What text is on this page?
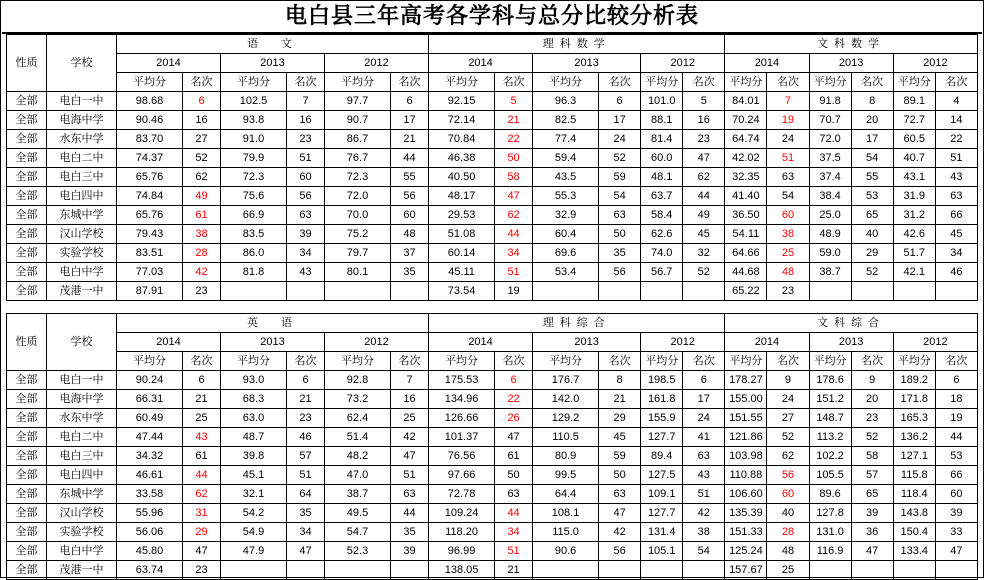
电白县三年高考各学科与总分比较分析表
性质	学校	语　文						理科数学						文科数学					
		2014		2013		2012		2014		2013		2012		2014		2013		2012	
		平均分	名次	平均分	名次	平均分	名次	平均分	名次	平均分	名次	平均分	名次	平均分	名次	平均分	名次	平均分	名次
全部	电白一中	98.68	6	102.5	7	97.7	6	92.15	5	96.3	6	101.0	5	84.01	7	91.8	8	89.1	4
全部	电海中学	90.46	16	93.8	16	90.7	17	72.14	21	82.5	17	88.1	16	70.24	19	70.7	20	72.7	14
全部	水东中学	83.70	27	91.0	23	86.7	21	70.84	22	77.4	24	81.4	23	64.74	24	72.0	17	60.5	22
全部	电白二中	74.37	52	79.9	51	76.7	44	46.38	50	59.4	52	60.0	47	42.02	51	37.5	54	40.7	51
全部	电白三中	65.76	62	72.3	60	72.3	55	40.50	58	43.5	59	48.1	62	32.35	63	37.4	55	43.1	43
全部	电白四中	74.84	49	75.6	56	72.0	56	48.17	47	55.3	54	63.7	44	41.40	54	38.4	53	31.9	63
全部	东城中学	65.76	61	66.9	63	70.0	60	29.53	62	32.9	63	58.4	49	36.50	60	25.0	65	31.2	66
全部	汉山学校	79.43	38	83.5	39	75.2	48	51.08	44	60.4	50	62.6	45	54.11	38	48.9	40	42.6	45
全部	实验学校	83.51	28	86.0	34	79.7	37	60.14	34	69.6	35	74.0	32	64.66	25	59.0	29	51.7	34
全部	电白中学	77.03	42	81.8	43	80.1	35	45.11	51	53.4	56	56.7	52	44.68	48	38.7	52	42.1	46
全部	茂港一中	87.91	23					73.54	19					65.22	23				
性质	学校	英　语						理科综合						文科综合					
		2014		2013		2012		2014		2013		2012		2014		2013		2012	
		平均分	名次	平均分	名次	平均分	名次	平均分	名次	平均分	名次	平均分	名次	平均分	名次	平均分	名次	平均分	名次
全部	电白一中	90.24	6	93.0	6	92.8	7	175.53	6	176.7	8	198.5	6	178.27	9	178.6	9	189.2	6
全部	电海中学	66.31	21	68.3	21	73.2	16	134.96	22	142.0	21	161.8	17	155.00	24	151.2	20	171.8	18
全部	水东中学	60.49	25	63.0	23	62.4	25	126.66	26	129.2	29	155.9	24	151.55	27	148.7	23	165.3	19
全部	电白二中	47.44	43	48.7	46	51.4	42	101.37	47	110.5	45	127.7	41	121.86	52	113.2	52	136.2	44
全部	电白三中	34.32	61	39.8	57	48.2	47	76.56	61	80.9	59	89.4	63	103.98	62	102.2	58	127.1	53
全部	电白四中	46.61	44	45.1	51	47.0	51	97.66	50	99.5	50	127.5	43	110.88	56	105.5	57	115.8	66
全部	东城中学	33.58	62	32.1	64	38.7	63	72.78	63	64.4	63	109.1	51	106.60	60	89.6	65	118.4	60
全部	汉山学校	55.96	31	54.2	35	49.5	44	109.24	44	108.1	47	127.7	42	135.39	40	127.8	39	143.8	39
全部	实验学校	56.06	29	54.9	34	54.7	35	118.20	34	115.0	42	131.4	38	151.33	28	131.0	36	150.4	33
全部	电白中学	45.80	47	47.9	47	52.3	39	96.99	51	90.6	56	105.1	54	125.24	48	116.9	47	133.4	47
全部	茂港一中	63.74	23					138.05	21					157.67	25				
